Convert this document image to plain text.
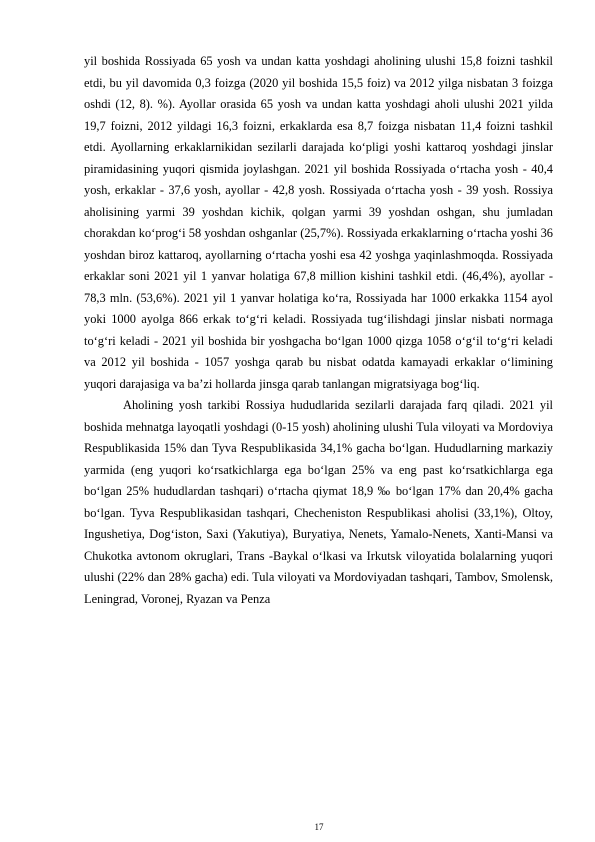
yil boshida Rossiyada 65 yosh va undan katta yoshdagi aholining ulushi 15,8 foizni tashkil etdi, bu yil davomida 0,3 foizga (2020 yil boshida 15,5 foiz) va 2012 yilga nisbatan 3 foizga oshdi (12, 8). %). Ayollar orasida 65 yosh va undan katta yoshdagi aholi ulushi 2021 yilda 19,7 foizni, 2012 yildagi 16,3 foizni, erkaklarda esa 8,7 foizga nisbatan 11,4 foizni tashkil etdi. Ayollarning erkaklarnikidan sezilarli darajada ko‘pligi yoshi kattaroq yoshdagi jinslar piramidasining yuqori qismida joylashgan. 2021 yil boshida Rossiyada o‘rtacha yosh - 40,4 yosh, erkaklar - 37,6 yosh, ayollar - 42,8 yosh. Rossiyada o‘rtacha yosh - 39 yosh. Rossiya aholisining yarmi 39 yoshdan kichik, qolgan yarmi 39 yoshdan oshgan, shu jumladan chorakdan ko‘prog‘i 58 yoshdan oshganlar (25,7%). Rossiyada erkaklarning o‘rtacha yoshi 36 yoshdan biroz kattaroq, ayollarning o‘rtacha yoshi esa 42 yoshga yaqinlashmoqda. Rossiyada erkaklar soni 2021 yil 1 yanvar holatiga 67,8 million kishini tashkil etdi. (46,4%), ayollar - 78,3 mln. (53,6%). 2021 yil 1 yanvar holatiga ko‘ra, Rossiyada har 1000 erkakka 1154 ayol yoki 1000 ayolga 866 erkak to‘g‘ri keladi. Rossiyada tug‘ilishdagi jinslar nisbati normaga to‘g‘ri keladi - 2021 yil boshida bir yoshgacha bo‘lgan 1000 qizga 1058 o‘g‘il to‘g‘ri keladi va 2012 yil boshida - 1057 yoshga qarab bu nisbat odatda kamayadi erkaklar o‘limining yuqori darajasiga va ba’zi hollarda jinsga qarab tanlangan migratsiyaga bog‘liq.

Aholining yosh tarkibi Rossiya hududlarida sezilarli darajada farq qiladi. 2021 yil boshida mehnatga layoqatli yoshdagi (0-15 yosh) aholining ulushi Tula viloyati va Mordoviya Respublikasida 15% dan Tyva Respublikasida 34,1% gacha bo‘lgan. Hududlarning markaziy yarmida (eng yuqori ko‘rsatkichlarga ega bo‘lgan 25% va eng past ko‘rsatkichlarga ega bo‘lgan 25% hududlardan tashqari) o‘rtacha qiymat 18,9 ‰ bo‘lgan 17% dan 20,4% gacha bo‘lgan. Tyva Respublikasidan tashqari, Checheniston Respublikasi aholisi (33,1%), Oltoy, Ingushetiya, Dog‘iston, Saxi (Yakutiya), Buryatiya, Nenets, Yamalo-Nenets, Xanti-Mansi va Chukotka avtonom okruglari, Trans -Baykal o‘lkasi va Irkutsk viloyatida bolalarning yuqori ulushi (22% dan 28% gacha) edi. Tula viloyati va Mordoviyadan tashqari, Tambov, Smolensk, Leningrad, Voronej, Ryazan va Penza

17
